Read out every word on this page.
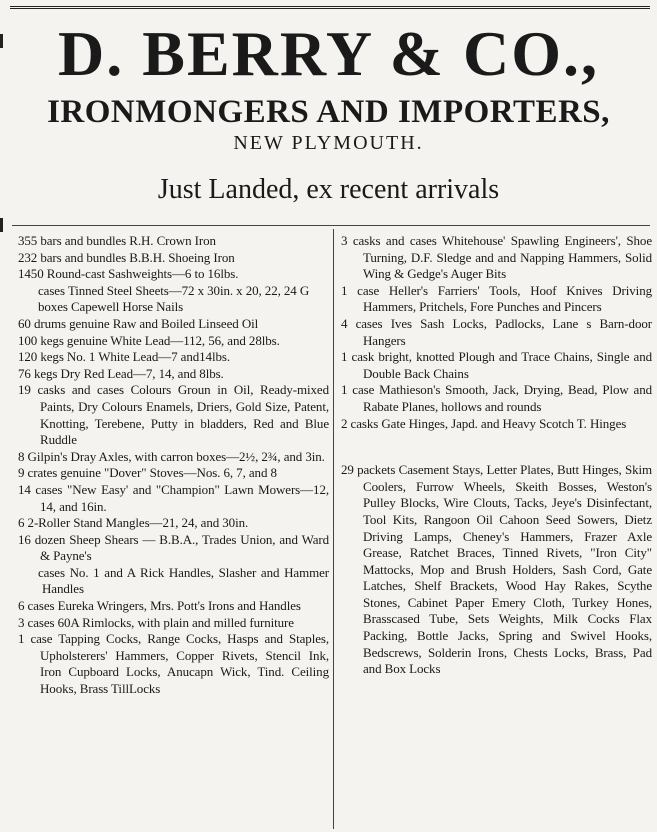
D. BERRY & CO.,
IRONMONGERS AND IMPORTERS,
NEW PLYMOUTH.
Just Landed, ex recent arrivals

355 bars and bundles R.H. Crown Iron

232 bars and bundles B.B.H. Shoeing Iron

1450 Round-cast Sashweights—6 to 16lbs.

cases Tinned Steel Sheets—72 x 30in. x 20, 22, 24 G

boxes Capewell Horse Nails

60 drums genuine Raw and Boiled Linseed Oil

100 kegs genuine White Lead—112, 56, and 28lbs.

120 kegs No. 1 White Lead—7 and14lbs.

76 kegs Dry Red Lead—7, 14, and 8lbs.

19 casks and cases Colours Groun in Oil, Ready-mixed Paints, Dry Colours Enamels, Driers, Gold Size, Patent, Knotting, Terebene, Putty in bladders, Red and Blue Ruddle

8 Gilpin's Dray Axles, with carron boxes—2½, 2¾, and 3in.

9 crates genuine "Dover" Stoves—Nos. 6, 7, and 8

14 cases "New Easy' and "Champion" Lawn Mowers—12, 14, and 16in.

6 2-Roller Stand Mangles—21, 24, and 30in.

16 dozen Sheep Shears — B.B.A., Trades Union, and Ward & Payne's

cases No. 1 and A Rick Handles, Slasher and Hammer Handles

6 cases Eureka Wringers, Mrs. Pott's Irons and Handles

3 cases 60A Rimlocks, with plain and milled furniture

1 case Tapping Cocks, Range Cocks, Hasps and Staples, Upholsterers' Hammers, Copper Rivets, Stencil Ink, Iron Cupboard Locks, Anucapn Wick, Tind. Ceiling Hooks, Brass TillLocks

3 casks and cases Whitehouse' Spawling Engineers', Shoe Turning, D.F. Sledge and and Napping Hammers, Solid Wing & Gedge's Auger Bits

1 case Heller's Farriers' Tools, Hoof Knives Driving Hammers, Pritchels, Fore Punches and Pincers

4 cases Ives Sash Locks, Padlocks, Lane s Barn-door Hangers

1 cask bright, knotted Plough and Trace Chains, Single and Double Back Chains

1 case Mathieson's Smooth, Jack, Drying, Bead, Plow and Rabate Planes, hollows and rounds

2 casks Gate Hinges, Japd. and Heavy Scotch T. Hinges

29 packets Casement Stays, Letter Plates, Butt Hinges, Skim Coolers, Furrow Wheels, Skeith Bosses, Weston's Pulley Blocks, Wire Clouts, Tacks, Jeye's Disinfectant, Tool Kits, Rangoon Oil Cahoon Seed Sowers, Dietz Driving Lamps, Cheney's Hammers, Frazer Axle Grease, Ratchet Braces, Tinned Rivets, "Iron City" Mattocks, Mop and Brush Holders, Sash Cord, Gate Latches, Shelf Brackets, Wood Hay Rakes, Scythe Stones, Cabinet Paper Emery Cloth, Turkey Hones, Brasscased Tube, Sets Weights, Milk Cocks Flax Packing, Bottle Jacks, Spring and Swivel Hooks, Bedscrews, Solderin Irons, Chests Locks, Brass, Pad and Box Locks
